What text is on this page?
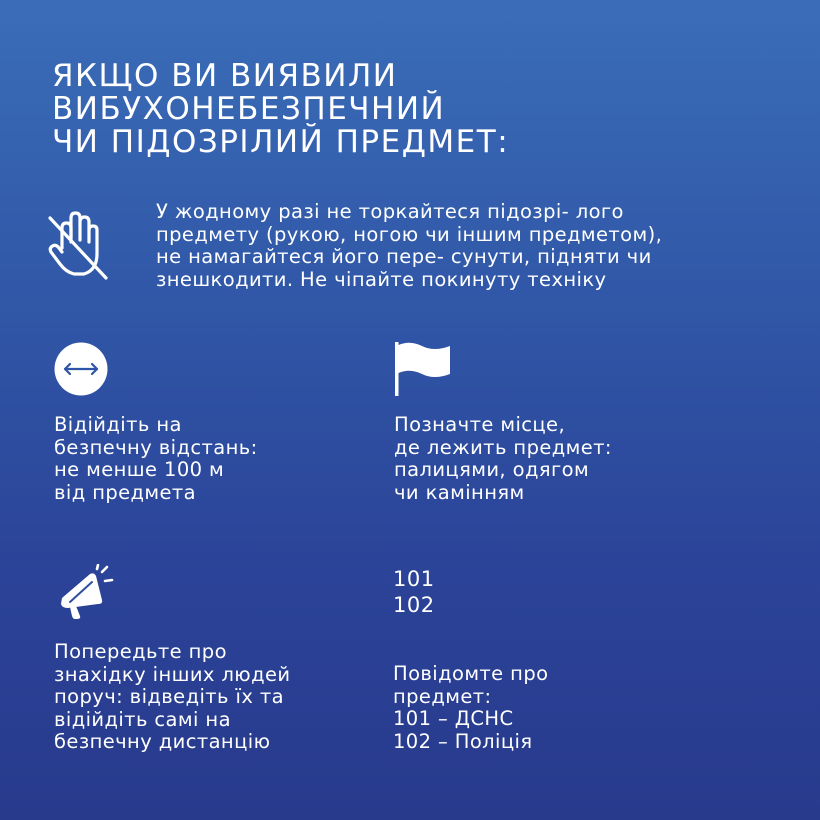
ЯКЩО ВИ ВИЯВИЛИ
ВИБУХОНЕБЕЗПЕЧНИЙ
ЧИ ПІДОЗРІЛИЙ ПРЕДМЕТ:
У жодному разі не торкайтеся підозрі- лого
предмету (рукою, ногою чи іншим предметом),
не намагайтеся його пере- сунути, підняти чи
знешкодити. Не чіпайте покинуту техніку
Відійдіть на
безпечну відстань:
не менше 100 м
від предмета
Позначте місце,
де лежить предмет:
палицями, одягом
чи камінням
Попередьте про
знахідку інших людей
поруч: відведіть їх та
відійдіть самі на
безпечну дистанцію
101
102
Повідомте про
предмет:
101 – ДСНС
102 – Поліція
